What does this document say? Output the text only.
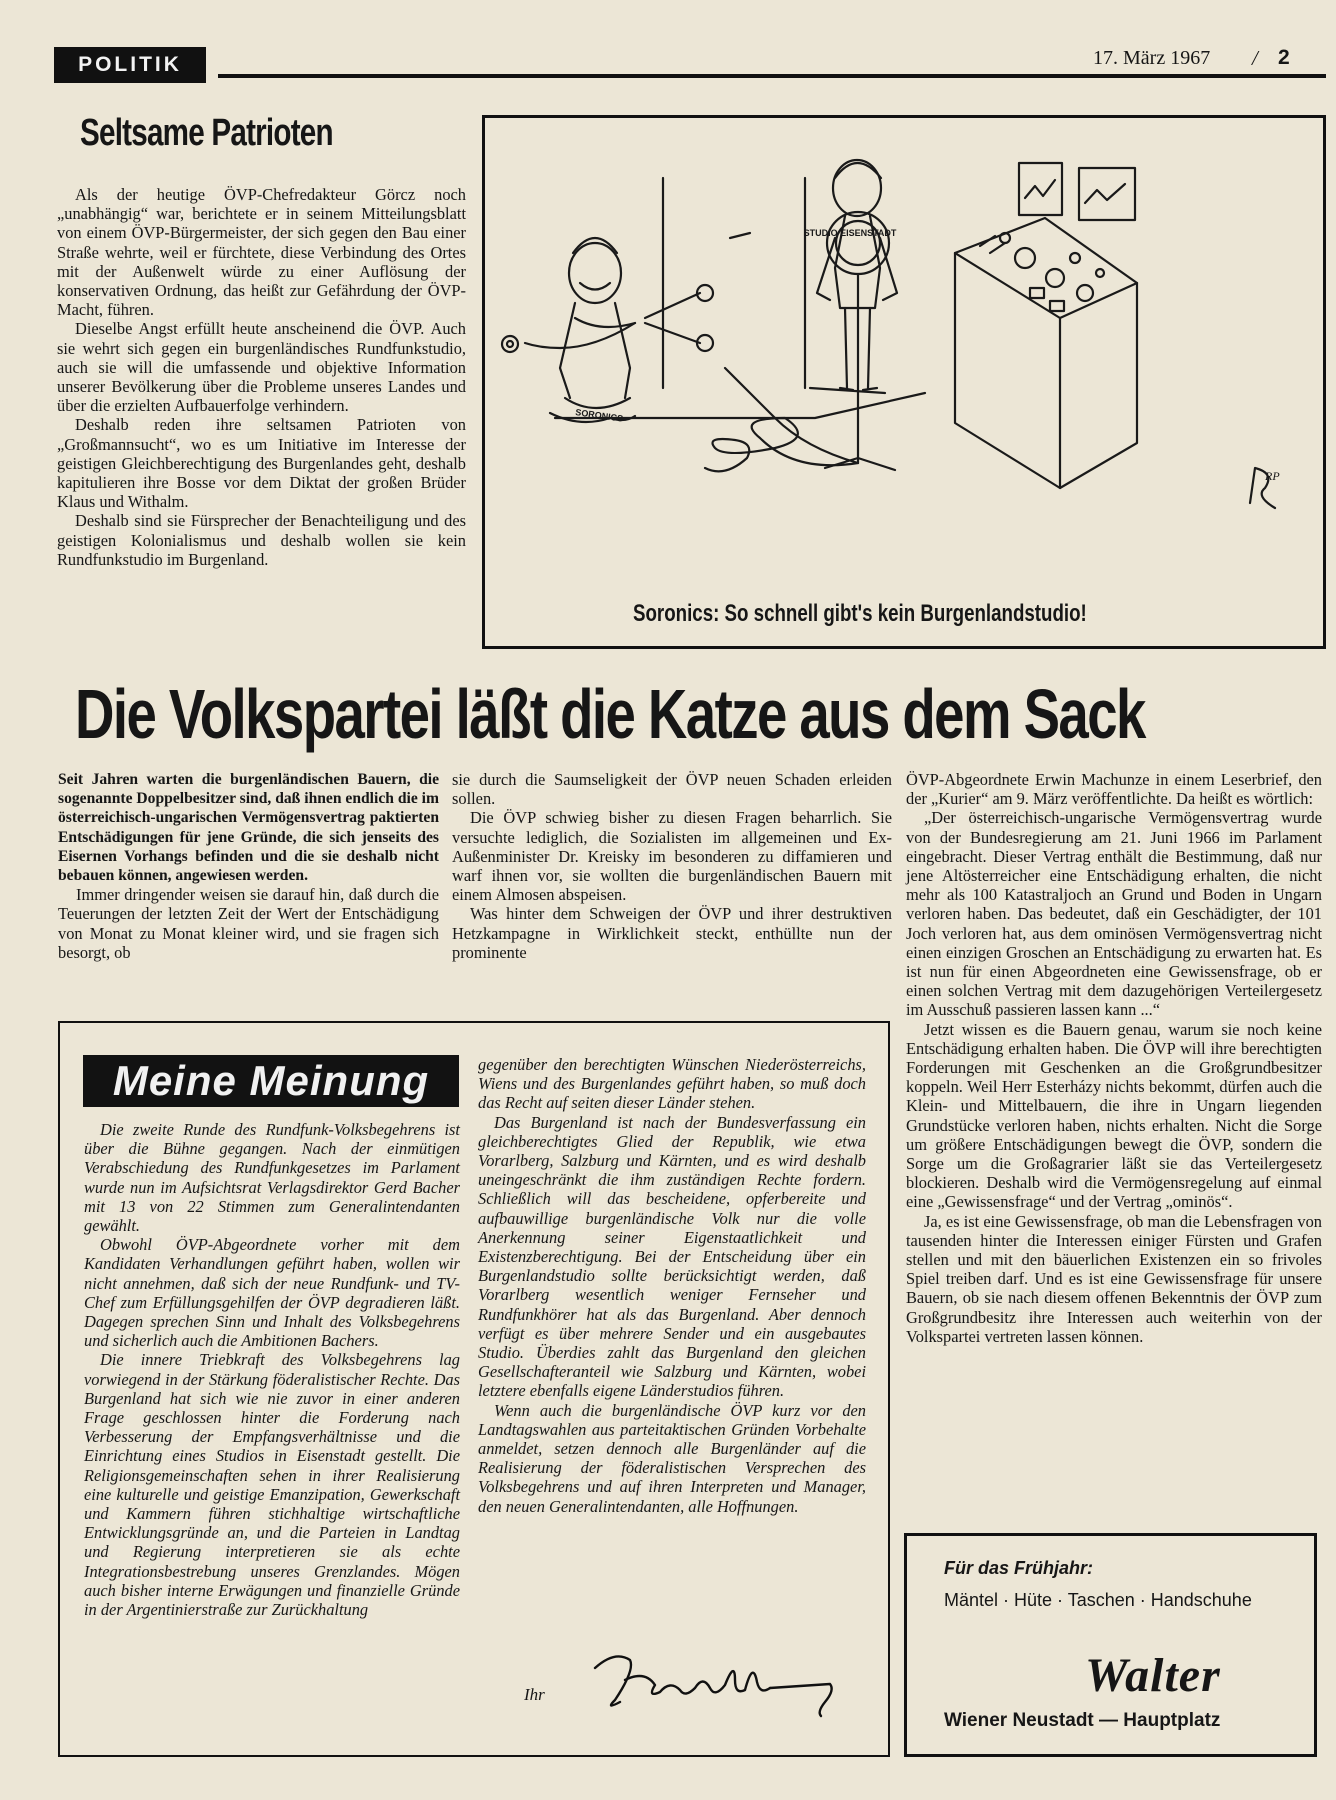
POLITIK	17. März 1967 / 2
Seltsame Patrioten

Als der heutige ÖVP-Chefredakteur Görcz noch „unabhängig“ war, berichtete er in seinem Mitteilungsblatt von einem ÖVP-Bürgermeister, der sich gegen den Bau einer Straße wehrte, weil er fürchtete, diese Verbindung des Ortes mit der Außenwelt würde zu einer Auflösung der konservativen Ordnung, das heißt zur Gefährdung der ÖVP-Macht, führen.

Dieselbe Angst erfüllt heute anscheinend die ÖVP. Auch sie wehrt sich gegen ein burgenländisches Rundfunkstudio, auch sie will die umfassende und objektive Information unserer Bevölkerung über die Probleme unseres Landes und über die erzielten Aufbauerfolge verhindern.

Deshalb reden ihre seltsamen Patrioten von „Großmannsucht“, wo es um Initiative im Interesse der geistigen Gleichberechtigung des Burgenlandes geht, deshalb kapitulieren ihre Bosse vor dem Diktat der großen Brüder Klaus und Withalm.

Deshalb sind sie Fürsprecher der Benachteiligung und des geistigen Kolonialismus und deshalb wollen sie kein Rundfunkstudio im Burgenland.

STUDIO EISENSTADT
SORONICS
RP
Soronics: So schnell gibt's kein Burgenlandstudio!
Die Volkspartei läßt die Katze aus dem Sack

Seit Jahren warten die burgenländischen Bauern, die sogenannte Doppelbesitzer sind, daß ihnen endlich die im österreichisch-ungarischen Vermögensvertrag paktierten Entschädigungen für jene Gründe, die sich jenseits des Eisernen Vorhangs befinden und die sie deshalb nicht bebauen können, angewiesen werden.

Immer dringender weisen sie darauf hin, daß durch die Teuerungen der letzten Zeit der Wert der Entschädigung von Monat zu Monat kleiner wird, und sie fragen sich besorgt, ob

sie durch die Saumseligkeit der ÖVP neuen Schaden erleiden sollen.

Die ÖVP schwieg bisher zu diesen Fragen beharrlich. Sie versuchte lediglich, die Sozialisten im allgemeinen und Ex-Außenminister Dr. Kreisky im besonderen zu diffamieren und warf ihnen vor, sie wollten die burgenländischen Bauern mit einem Almosen abspeisen.

Was hinter dem Schweigen der ÖVP und ihrer destruktiven Hetzkampagne in Wirklichkeit steckt, enthüllte nun der prominente

ÖVP-Abgeordnete Erwin Machunze in einem Leserbrief, den der „Kurier“ am 9. März veröffentlichte. Da heißt es wörtlich:

„Der österreichisch-ungarische Vermögensvertrag wurde von der Bundesregierung am 21. Juni 1966 im Parlament eingebracht. Dieser Vertrag enthält die Bestimmung, daß nur jene Altösterreicher eine Entschädigung erhalten, die nicht mehr als 100 Katastraljoch an Grund und Boden in Ungarn verloren haben. Das bedeutet, daß ein Geschädigter, der 101 Joch verloren hat, aus dem ominösen Vermögensvertrag nicht einen einzigen Groschen an Entschädigung zu erwarten hat. Es ist nun für einen Abgeordneten eine Gewissensfrage, ob er einen solchen Vertrag mit dem dazugehörigen Verteilergesetz im Ausschuß passieren lassen kann ...“

Jetzt wissen es die Bauern genau, warum sie noch keine Entschädigung erhalten haben. Die ÖVP will ihre berechtigten Forderungen mit Geschenken an die Großgrundbesitzer koppeln. Weil Herr Esterházy nichts bekommt, dürfen auch die Klein- und Mittelbauern, die ihre in Ungarn liegenden Grundstücke verloren haben, nichts erhalten. Nicht die Sorge um größere Entschädigungen bewegt die ÖVP, sondern die Sorge um die Großagrarier läßt sie das Verteilergesetz blockieren. Deshalb wird die Vermögensregelung auf einmal eine „Gewissensfrage“ und der Vertrag „ominös“.

Ja, es ist eine Gewissensfrage, ob man die Lebensfragen von tausenden hinter die Interessen einiger Fürsten und Grafen stellen und mit den bäuerlichen Existenzen ein so frivoles Spiel treiben darf. Und es ist eine Gewissensfrage für unsere Bauern, ob sie nach diesem offenen Bekenntnis der ÖVP zum Großgrundbesitz ihre Interessen auch weiterhin von der Volkspartei vertreten lassen können.

Meine Meinung

Die zweite Runde des Rundfunk-Volksbegehrens ist über die Bühne gegangen. Nach der einmütigen Verabschiedung des Rundfunkgesetzes im Parlament wurde nun im Aufsichtsrat Verlagsdirektor Gerd Bacher mit 13 von 22 Stimmen zum Generalintendanten gewählt.

Obwohl ÖVP-Abgeordnete vorher mit dem Kandidaten Verhandlungen geführt haben, wollen wir nicht annehmen, daß sich der neue Rundfunk- und TV-Chef zum Erfüllungsgehilfen der ÖVP degradieren läßt. Dagegen sprechen Sinn und Inhalt des Volksbegehrens und sicherlich auch die Ambitionen Bachers.

Die innere Triebkraft des Volksbegehrens lag vorwiegend in der Stärkung föderalistischer Rechte. Das Burgenland hat sich wie nie zuvor in einer anderen Frage geschlossen hinter die Forderung nach Verbesserung der Empfangsverhältnisse und die Einrichtung eines Studios in Eisenstadt gestellt. Die Religionsgemeinschaften sehen in ihrer Realisierung eine kulturelle und geistige Emanzipation, Gewerkschaft und Kammern führen stichhaltige wirtschaftliche Entwicklungsgründe an, und die Parteien in Landtag und Regierung interpretieren sie als echte Integrationsbestrebung unseres Grenzlandes. Mögen auch bisher interne Erwägungen und finanzielle Gründe in der Argentinierstraße zur Zurückhaltung

gegenüber den berechtigten Wünschen Niederösterreichs, Wiens und des Burgenlandes geführt haben, so muß doch das Recht auf seiten dieser Länder stehen.

Das Burgenland ist nach der Bundesverfassung ein gleichberechtigtes Glied der Republik, wie etwa Vorarlberg, Salzburg und Kärnten, und es wird deshalb uneingeschränkt die ihm zuständigen Rechte fordern. Schließlich will das bescheidene, opferbereite und aufbauwillige burgenländische Volk nur die volle Anerkennung seiner Eigenstaatlichkeit und Existenzberechtigung. Bei der Entscheidung über ein Burgenlandstudio sollte berücksichtigt werden, daß Vorarlberg wesentlich weniger Fernseher und Rundfunkhörer hat als das Burgenland. Aber dennoch verfügt es über mehrere Sender und ein ausgebautes Studio. Überdies zahlt das Burgenland den gleichen Gesellschafteranteil wie Salzburg und Kärnten, wobei letztere ebenfalls eigene Länderstudios führen.

Wenn auch die burgenländische ÖVP kurz vor den Landtagswahlen aus parteitaktischen Gründen Vorbehalte anmeldet, setzen dennoch alle Burgenländer auf die Realisierung der föderalistischen Versprechen des Volksbegehrens und auf ihren Interpreten und Manager, den neuen Generalintendanten, alle Hoffnungen.

Ihr
Für das Frühjahr:
Mäntel · Hüte · Taschen · Handschuhe
Walter
Wiener Neustadt — Hauptplatz
